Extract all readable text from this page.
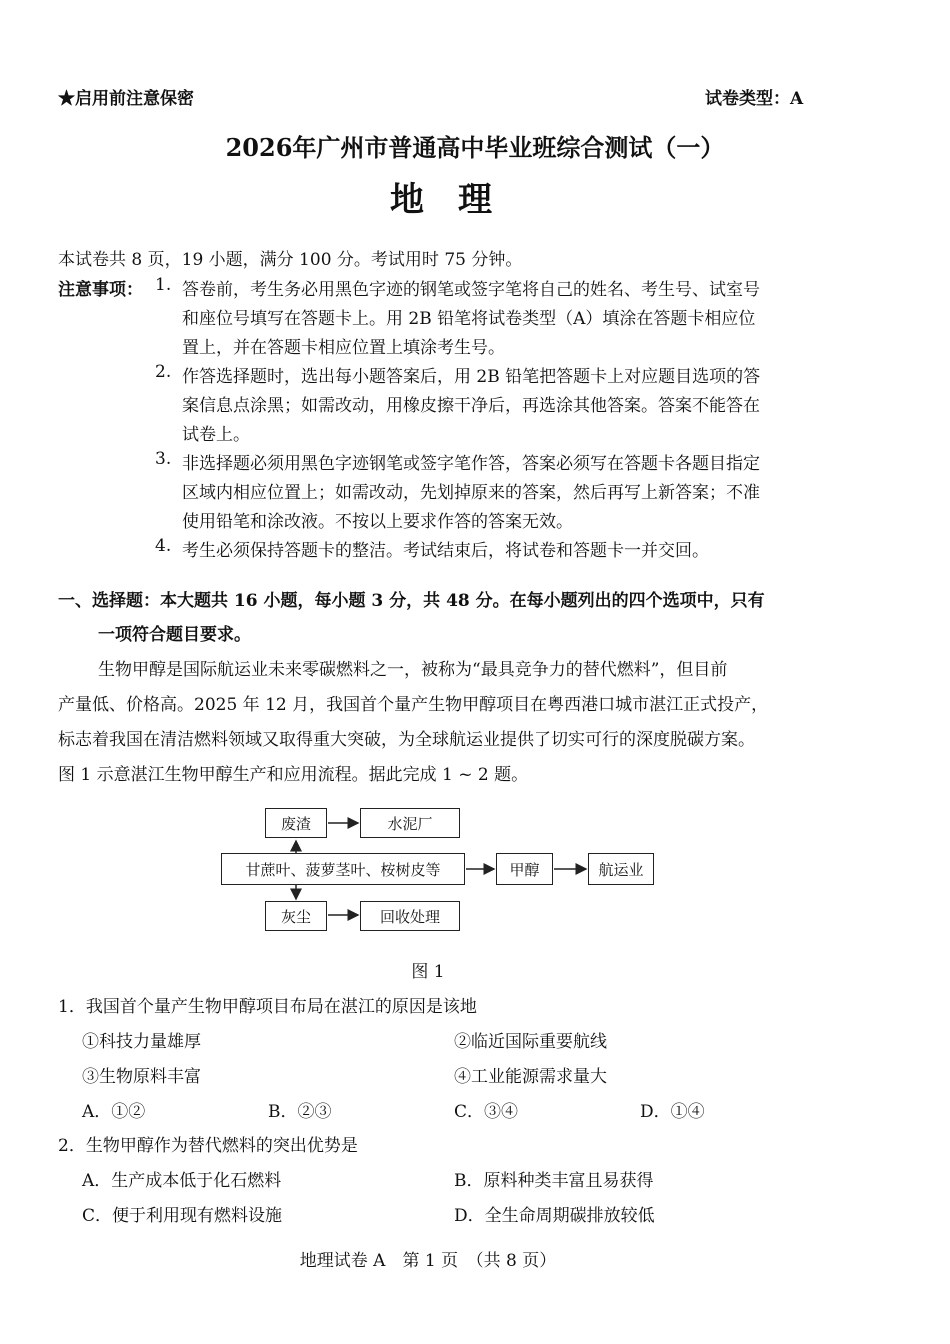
★启用前注意保密	试卷类型：A
2026年广州市普通高中毕业班综合测试（一）
地　理
本试卷共 8 页，19 小题，满分 100 分。考试用时 75 分钟。
注意事项： 1. 答卷前，考生务必用黑色字迹的钢笔或签字笔将自己的姓名、考生号、试室号
和座位号填写在答题卡上。用 2B 铅笔将试卷类型（A）填涂在答题卡相应位
置上，并在答题卡相应位置上填涂考生号。
2. 作答选择题时，选出每小题答案后，用 2B 铅笔把答题卡上对应题目选项的答
案信息点涂黑；如需改动，用橡皮擦干净后，再选涂其他答案。答案不能答在
试卷上。
3. 非选择题必须用黑色字迹钢笔或签字笔作答，答案必须写在答题卡各题目指定
区域内相应位置上；如需改动，先划掉原来的答案，然后再写上新答案；不准
使用铅笔和涂改液。不按以上要求作答的答案无效。
4. 考生必须保持答题卡的整洁。考试结束后，将试卷和答题卡一并交回。
一、选择题：本大题共 16 小题，每小题 3 分，共 48 分。在每小题列出的四个选项中，只有
一项符合题目要求。
生物甲醇是国际航运业未来零碳燃料之一，被称为“最具竞争力的替代燃料”，但目前
产量低、价格高。2025 年 12 月，我国首个量产生物甲醇项目在粤西港口城市湛江正式投产，
标志着我国在清洁燃料领域又取得重大突破，为全球航运业提供了切实可行的深度脱碳方案。
图 1 示意湛江生物甲醇生产和应用流程。据此完成 1 ~ 2 题。
废渣	水泥厂
甘蔗叶、菠萝茎叶、桉树皮等	甲醇	航运业
灰尘	回收处理
图 1
1．我国首个量产生物甲醇项目布局在湛江的原因是该地
①科技力量雄厚	②临近国际重要航线
③生物原料丰富	④工业能源需求量大
A．①②	B．②③	C．③④	D．①④
2．生物甲醇作为替代燃料的突出优势是
A．生产成本低于化石燃料	B．原料种类丰富且易获得
C．便于利用现有燃料设施	D．全生命周期碳排放较低
地理试卷 A　第 1 页　（共 8 页）
